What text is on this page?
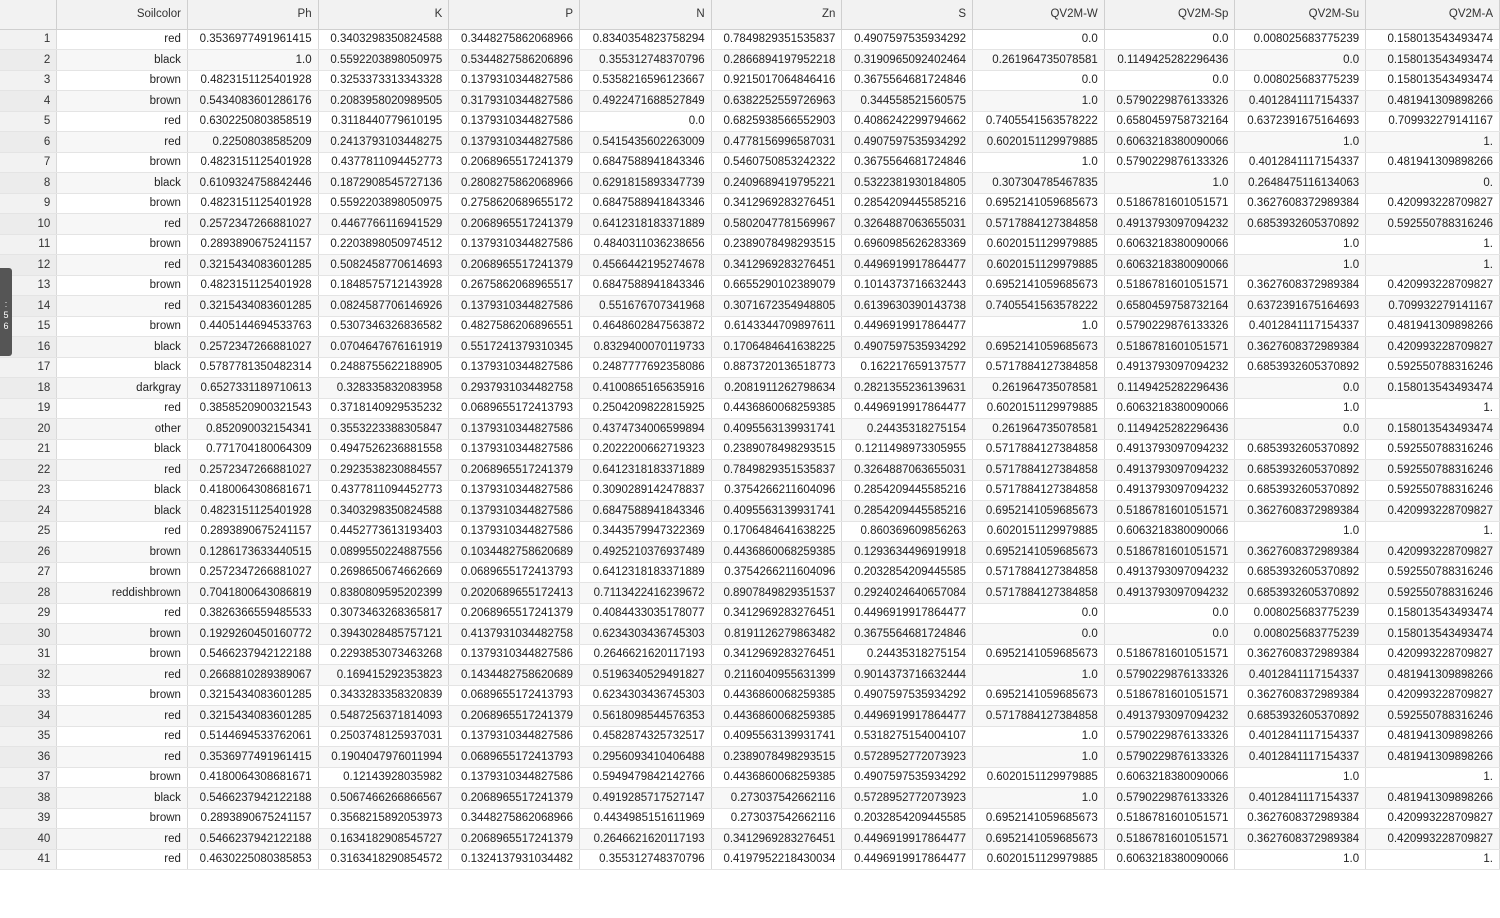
	Soilcolor	Ph	K	P	N	Zn	S	QV2M-W	QV2M-Sp	QV2M-Su	QV2M-A
1	red	0.3536977491961415	0.3403298350824588	0.3448275862068966	0.8340354823758294	0.7849829351535837	0.4907597535934292	0.0	0.0	0.008025683775239	0.158013543493474
2	black	1.0	0.5592203898050975	0.5344827586206896	0.355312748370796	0.2866894197952218	0.3190965092402464	0.261964735078581	0.1149425282296436	0.0	0.158013543493474
3	brown	0.4823151125401928	0.3253373313343328	0.1379310344827586	0.5358216596123667	0.9215017064846416	0.3675564681724846	0.0	0.0	0.008025683775239	0.158013543493474
4	brown	0.5434083601286176	0.2083958020989505	0.3179310344827586	0.4922471688527849	0.6382252559726963	0.344558521560575	1.0	0.5790229876133326	0.4012841117154337	0.481941309898266
5	red	0.6302250803858519	0.3118440779610195	0.1379310344827586	0.0	0.6825938566552903	0.4086242299794662	0.7405541563578222	0.6580459758732164	0.6372391675164693	0.709932279141167
6	red	0.22508038585209	0.2413793103448275	0.1379310344827586	0.5415435602263009	0.4778156996587031	0.4907597535934292	0.6020151129979885	0.6063218380090066	1.0	1.
7	brown	0.4823151125401928	0.4377811094452773	0.2068965517241379	0.6847588941843346	0.5460750853242322	0.3675564681724846	1.0	0.5790229876133326	0.4012841117154337	0.481941309898266
8	black	0.6109324758842446	0.1872908545727136	0.2808275862068966	0.6291815893347739	0.2409689419795221	0.5322381930184805	0.307304785467835	1.0	0.2648475116134063	0.
9	brown	0.4823151125401928	0.5592203898050975	0.2758620689655172	0.6847588941843346	0.3412969283276451	0.2854209445585216	0.6952141059685673	0.5186781601051571	0.3627608372989384	0.420993228709827
10	red	0.2572347266881027	0.4467766116941529	0.2068965517241379	0.6412318183371889	0.5802047781569967	0.3264887063655031	0.5717884127384858	0.4913793097094232	0.6853932605370892	0.592550788316246
11	brown	0.2893890675241157	0.2203898050974512	0.1379310344827586	0.4840311036238656	0.2389078498293515	0.6960985626283369	0.6020151129979885	0.6063218380090066	1.0	1.
12	red	0.3215434083601285	0.5082458770614693	0.2068965517241379	0.4566442195274678	0.3412969283276451	0.4496919917864477	0.6020151129979885	0.6063218380090066	1.0	1.
13	brown	0.4823151125401928	0.1848575712143928	0.2675862068965517	0.6847588941843346	0.6655290102389079	0.1014373716632443	0.6952141059685673	0.5186781601051571	0.3627608372989384	0.420993228709827
14	red	0.3215434083601285	0.0824587706146926	0.1379310344827586	0.551676707341968	0.3071672354948805	0.6139630390143738	0.7405541563578222	0.6580459758732164	0.6372391675164693	0.709932279141167
15	brown	0.4405144694533763	0.5307346326836582	0.4827586206896551	0.4648602847563872	0.6143344709897611	0.4496919917864477	1.0	0.5790229876133326	0.4012841117154337	0.481941309898266
16	black	0.2572347266881027	0.0704647676161919	0.5517241379310345	0.8329400070119733	0.1706484641638225	0.4907597535934292	0.6952141059685673	0.5186781601051571	0.3627608372989384	0.420993228709827
17	black	0.5787781350482314	0.2488755622188905	0.1379310344827586	0.2487777692358086	0.8873720136518773	0.162217659137577	0.5717884127384858	0.4913793097094232	0.6853932605370892	0.592550788316246
18	darkgray	0.6527331189710613	0.328335832083958	0.2937931034482758	0.4100865165635916	0.2081911262798634	0.2821355236139631	0.261964735078581	0.1149425282296436	0.0	0.158013543493474
19	red	0.3858520900321543	0.3718140929535232	0.0689655172413793	0.2504209822815925	0.4436860068259385	0.4496919917864477	0.6020151129979885	0.6063218380090066	1.0	1.
20	other	0.852090032154341	0.3553223388305847	0.1379310344827586	0.4374734006599894	0.4095563139931741	0.24435318275154	0.261964735078581	0.1149425282296436	0.0	0.158013543493474
21	black	0.771704180064309	0.4947526236881558	0.1379310344827586	0.2022200662719323	0.2389078498293515	0.1211498973305955	0.5717884127384858	0.4913793097094232	0.6853932605370892	0.592550788316246
22	red	0.2572347266881027	0.2923538230884557	0.2068965517241379	0.6412318183371889	0.7849829351535837	0.3264887063655031	0.5717884127384858	0.4913793097094232	0.6853932605370892	0.592550788316246
23	black	0.4180064308681671	0.4377811094452773	0.1379310344827586	0.3090289142478837	0.3754266211604096	0.2854209445585216	0.5717884127384858	0.4913793097094232	0.6853932605370892	0.592550788316246
24	black	0.4823151125401928	0.3403298350824588	0.1379310344827586	0.6847588941843346	0.4095563139931741	0.2854209445585216	0.6952141059685673	0.5186781601051571	0.3627608372989384	0.420993228709827
25	red	0.2893890675241157	0.4452773613193403	0.1379310344827586	0.3443579947322369	0.1706484641638225	0.860369609856263	0.6020151129979885	0.6063218380090066	1.0	1.
26	brown	0.1286173633440515	0.0899550224887556	0.1034482758620689	0.4925210376937489	0.4436860068259385	0.1293634496919918	0.6952141059685673	0.5186781601051571	0.3627608372989384	0.420993228709827
27	brown	0.2572347266881027	0.2698650674662669	0.0689655172413793	0.6412318183371889	0.3754266211604096	0.2032854209445585	0.5717884127384858	0.4913793097094232	0.6853932605370892	0.592550788316246
28	reddishbrown	0.7041800643086819	0.8380809595202399	0.2020689655172413	0.7113422416239672	0.8907849829351537	0.2924024640657084	0.5717884127384858	0.4913793097094232	0.6853932605370892	0.592550788316246
29	red	0.3826366559485533	0.3073463268365817	0.2068965517241379	0.4084433035178077	0.3412969283276451	0.4496919917864477	0.0	0.0	0.008025683775239	0.158013543493474
30	brown	0.1929260450160772	0.3943028485757121	0.4137931034482758	0.6234303436745303	0.8191126279863482	0.3675564681724846	0.0	0.0	0.008025683775239	0.158013543493474
31	brown	0.5466237942122188	0.2293853073463268	0.1379310344827586	0.2646621620117193	0.3412969283276451	0.24435318275154	0.6952141059685673	0.5186781601051571	0.3627608372989384	0.420993228709827
32	red	0.2668810289389067	0.169415292353823	0.1434482758620689	0.5196340529491827	0.2116040955631399	0.9014373716632444	1.0	0.5790229876133326	0.4012841117154337	0.481941309898266
33	brown	0.3215434083601285	0.3433283358320839	0.0689655172413793	0.6234303436745303	0.4436860068259385	0.4907597535934292	0.6952141059685673	0.5186781601051571	0.3627608372989384	0.420993228709827
34	red	0.3215434083601285	0.5487256371814093	0.2068965517241379	0.5618098544576353	0.4436860068259385	0.4496919917864477	0.5717884127384858	0.4913793097094232	0.6853932605370892	0.592550788316246
35	red	0.5144694533762061	0.2503748125937031	0.1379310344827586	0.4582874325732517	0.4095563139931741	0.5318275154004107	1.0	0.5790229876133326	0.4012841117154337	0.481941309898266
36	red	0.3536977491961415	0.1904047976011994	0.0689655172413793	0.2956093410406488	0.2389078498293515	0.5728952772073923	1.0	0.5790229876133326	0.4012841117154337	0.481941309898266
37	brown	0.4180064308681671	0.12143928035982	0.1379310344827586	0.5949479842142766	0.4436860068259385	0.4907597535934292	0.6020151129979885	0.6063218380090066	1.0	1.
38	black	0.5466237942122188	0.5067466266866567	0.2068965517241379	0.4919285717527147	0.273037542662116	0.5728952772073923	1.0	0.5790229876133326	0.4012841117154337	0.481941309898266
39	brown	0.2893890675241157	0.3568215892053973	0.3448275862068966	0.4434985151611969	0.273037542662116	0.2032854209445585	0.6952141059685673	0.5186781601051571	0.3627608372989384	0.420993228709827
40	red	0.5466237942122188	0.1634182908545727	0.2068965517241379	0.2646621620117193	0.3412969283276451	0.4496919917864477	0.6952141059685673	0.5186781601051571	0.3627608372989384	0.420993228709827
41	red	0.4630225080385853	0.3163418290854572	0.1324137931034482	0.355312748370796	0.4197952218430034	0.4496919917864477	0.6020151129979885	0.6063218380090066	1.0	1.
:
5
6
